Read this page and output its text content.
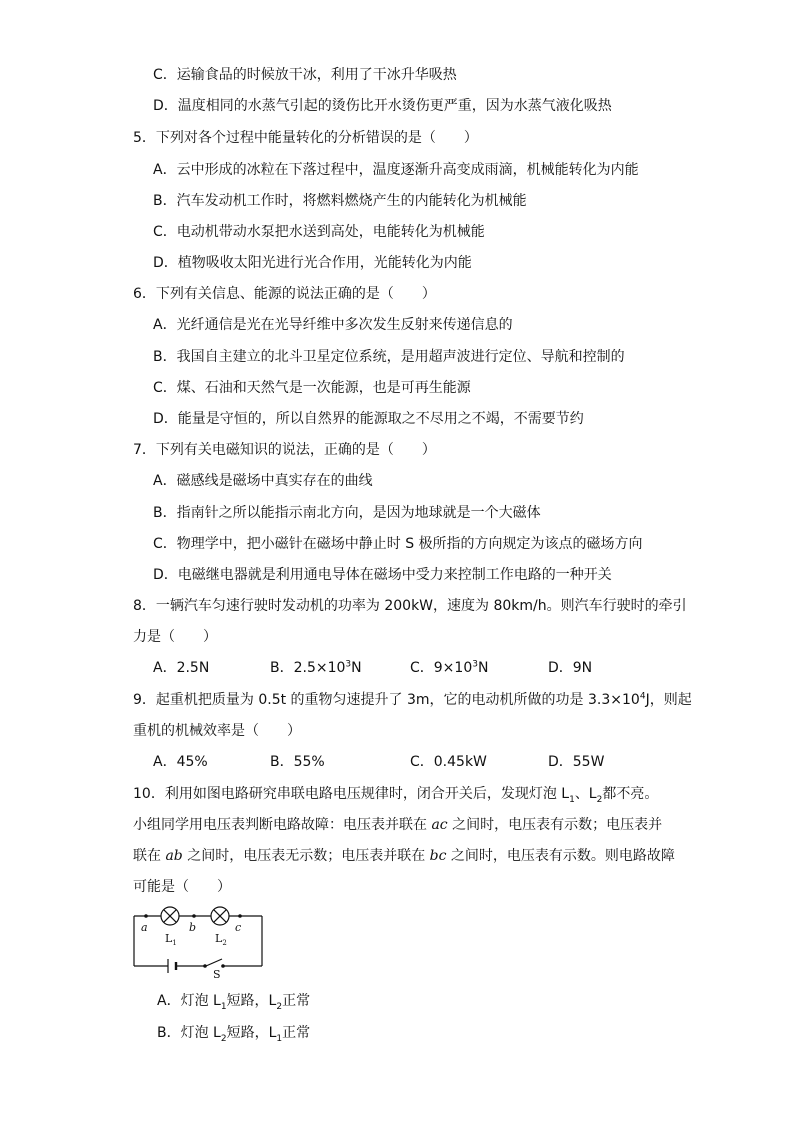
C．运输食品的时候放干冰，利用了干冰升华吸热
D．温度相同的水蒸气引起的烫伤比开水烫伤更严重，因为水蒸气液化吸热
5．下列对各个过程中能量转化的分析错误的是（　　）
A．云中形成的冰粒在下落过程中，温度逐渐升高变成雨滴，机械能转化为内能
B．汽车发动机工作时，将燃料燃烧产生的内能转化为机械能
C．电动机带动水泵把水送到高处，电能转化为机械能
D．植物吸收太阳光进行光合作用，光能转化为内能
6．下列有关信息、能源的说法正确的是（　　）
A．光纤通信是光在光导纤维中多次发生反射来传递信息的
B．我国自主建立的北斗卫星定位系统，是用超声波进行定位、导航和控制的
C．煤、石油和天然气是一次能源，也是可再生能源
D．能量是守恒的，所以自然界的能源取之不尽用之不竭，不需要节约
7．下列有关电磁知识的说法，正确的是（　　）
A．磁感线是磁场中真实存在的曲线
B．指南针之所以能指示南北方向，是因为地球就是一个大磁体
C．物理学中，把小磁针在磁场中静止时 S 极所指的方向规定为该点的磁场方向
D．电磁继电器就是利用通电导体在磁场中受力来控制工作电路的一种开关
8．一辆汽车匀速行驶时发动机的功率为 200kW，速度为 80km/h。则汽车行驶时的牵引
力是（　　）
A．2.5N	B．$2.5\times 10^3N$	C．$9\times 10^3N$	D．9N
9．起重机把质量为 0.5t 的重物匀速提升了 3m，它的电动机所做的功是 $3.3\times 10^4J$，则起
重机的机械效率是（　　）
A．45%	B．55%	C．0.45kW	D．55W
10．利用如图电路研究串联电路电压规律时，闭合开关后，发现灯泡 $L_1$、$L_2$都不亮。
小组同学用电压表判断电路故障：电压表并联在 ac 之间时，电压表有示数；电压表并
联在 ab 之间时，电压表无示数；电压表并联在 bc 之间时，电压表有示数。则电路故障
可能是（　　）
a	b	c
$L_1$	$L_2$
S
A．灯泡 $L_1$短路，$L_2$正常
B．灯泡 $L_2$短路，$L_1$正常
